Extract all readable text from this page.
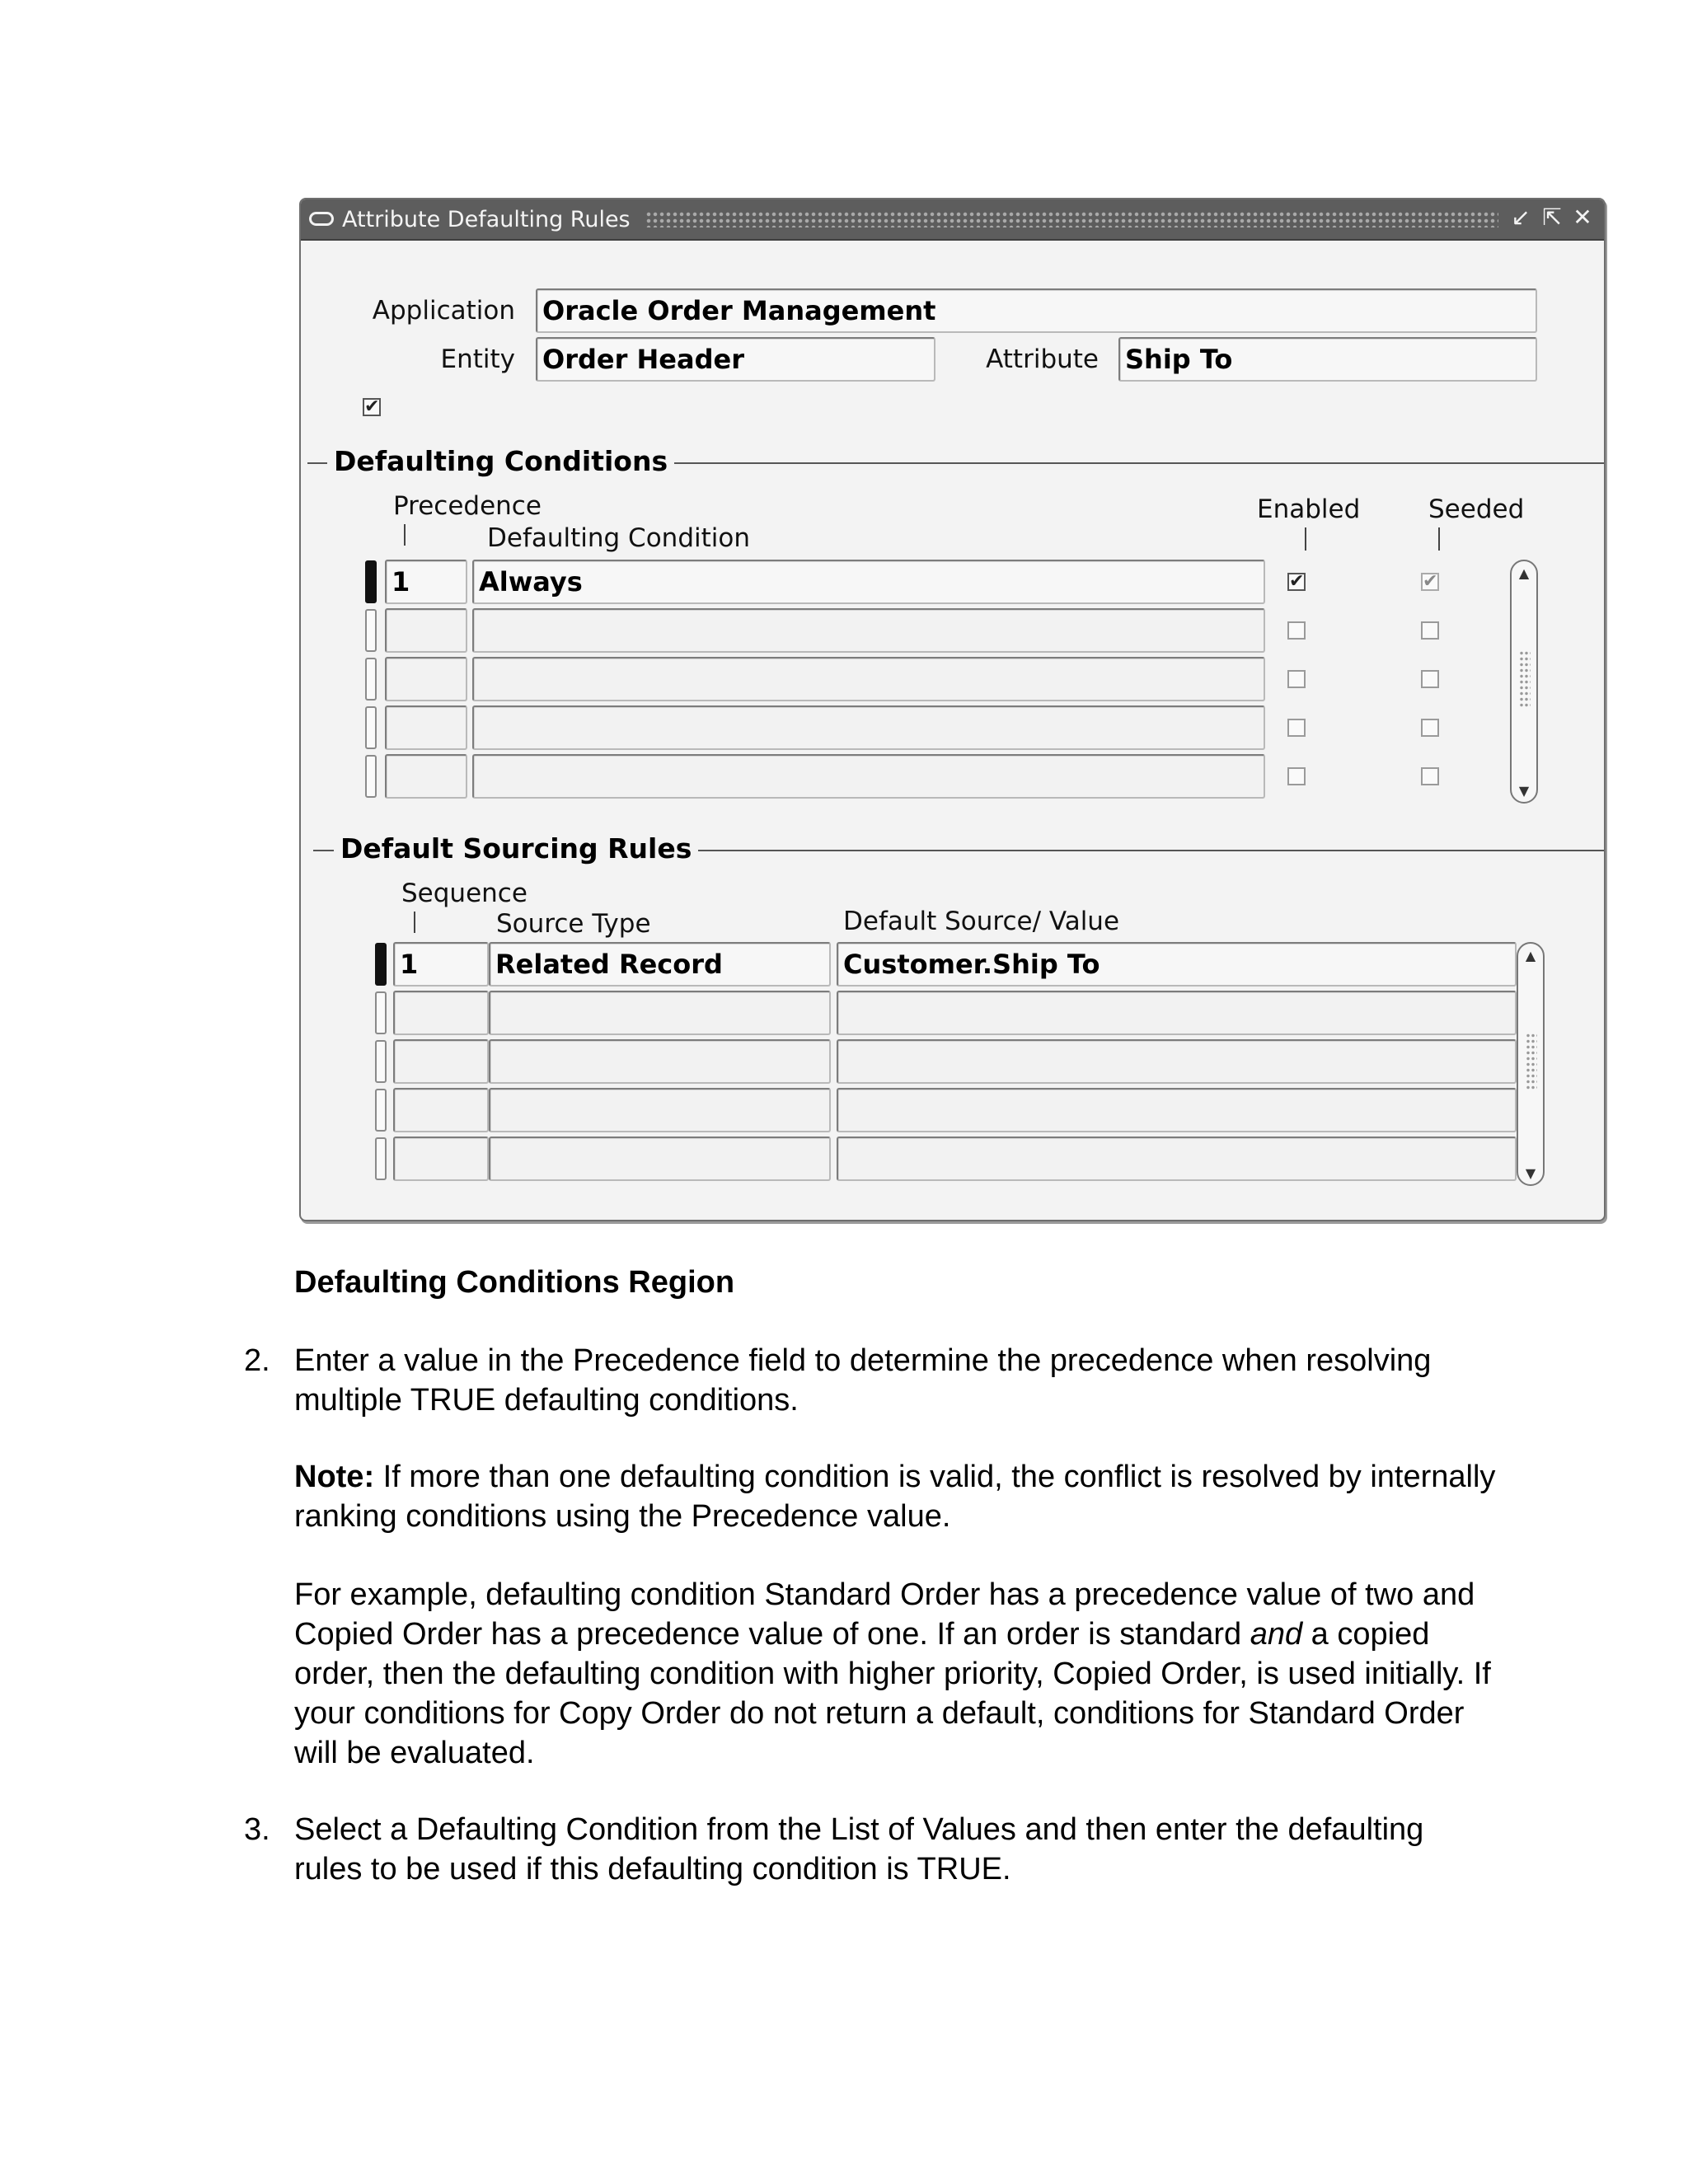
Attribute Defaulting Rules	↙ ⇱ ✕
Application Oracle Order Management
Entity Order Header	Attribute Ship To
✔
Defaulting Conditions
Precedence
Defaulting Condition
Enabled	Seeded
1	Always	✔	✔	▲
▼
Default Sourcing Rules
Sequence
Source Type	Default Source/ Value
1	Related Record	Customer.Ship To	▲
▼
Defaulting Conditions Region
2. Enter a value in the Precedence field to determine the precedence when resolving multiple TRUE defaulting conditions.
Note: If more than one defaulting condition is valid, the conflict is resolved by internally ranking conditions using the Precedence value.
For example, defaulting condition Standard Order has a precedence value of two and Copied Order has a precedence value of one. If an order is standard and a copied order, then the defaulting condition with higher priority, Copied Order, is used initially. If your conditions for Copy Order do not return a default, conditions for Standard Order will be evaluated.
3. Select a Defaulting Condition from the List of Values and then enter the defaulting rules to be used if this defaulting condition is TRUE.
